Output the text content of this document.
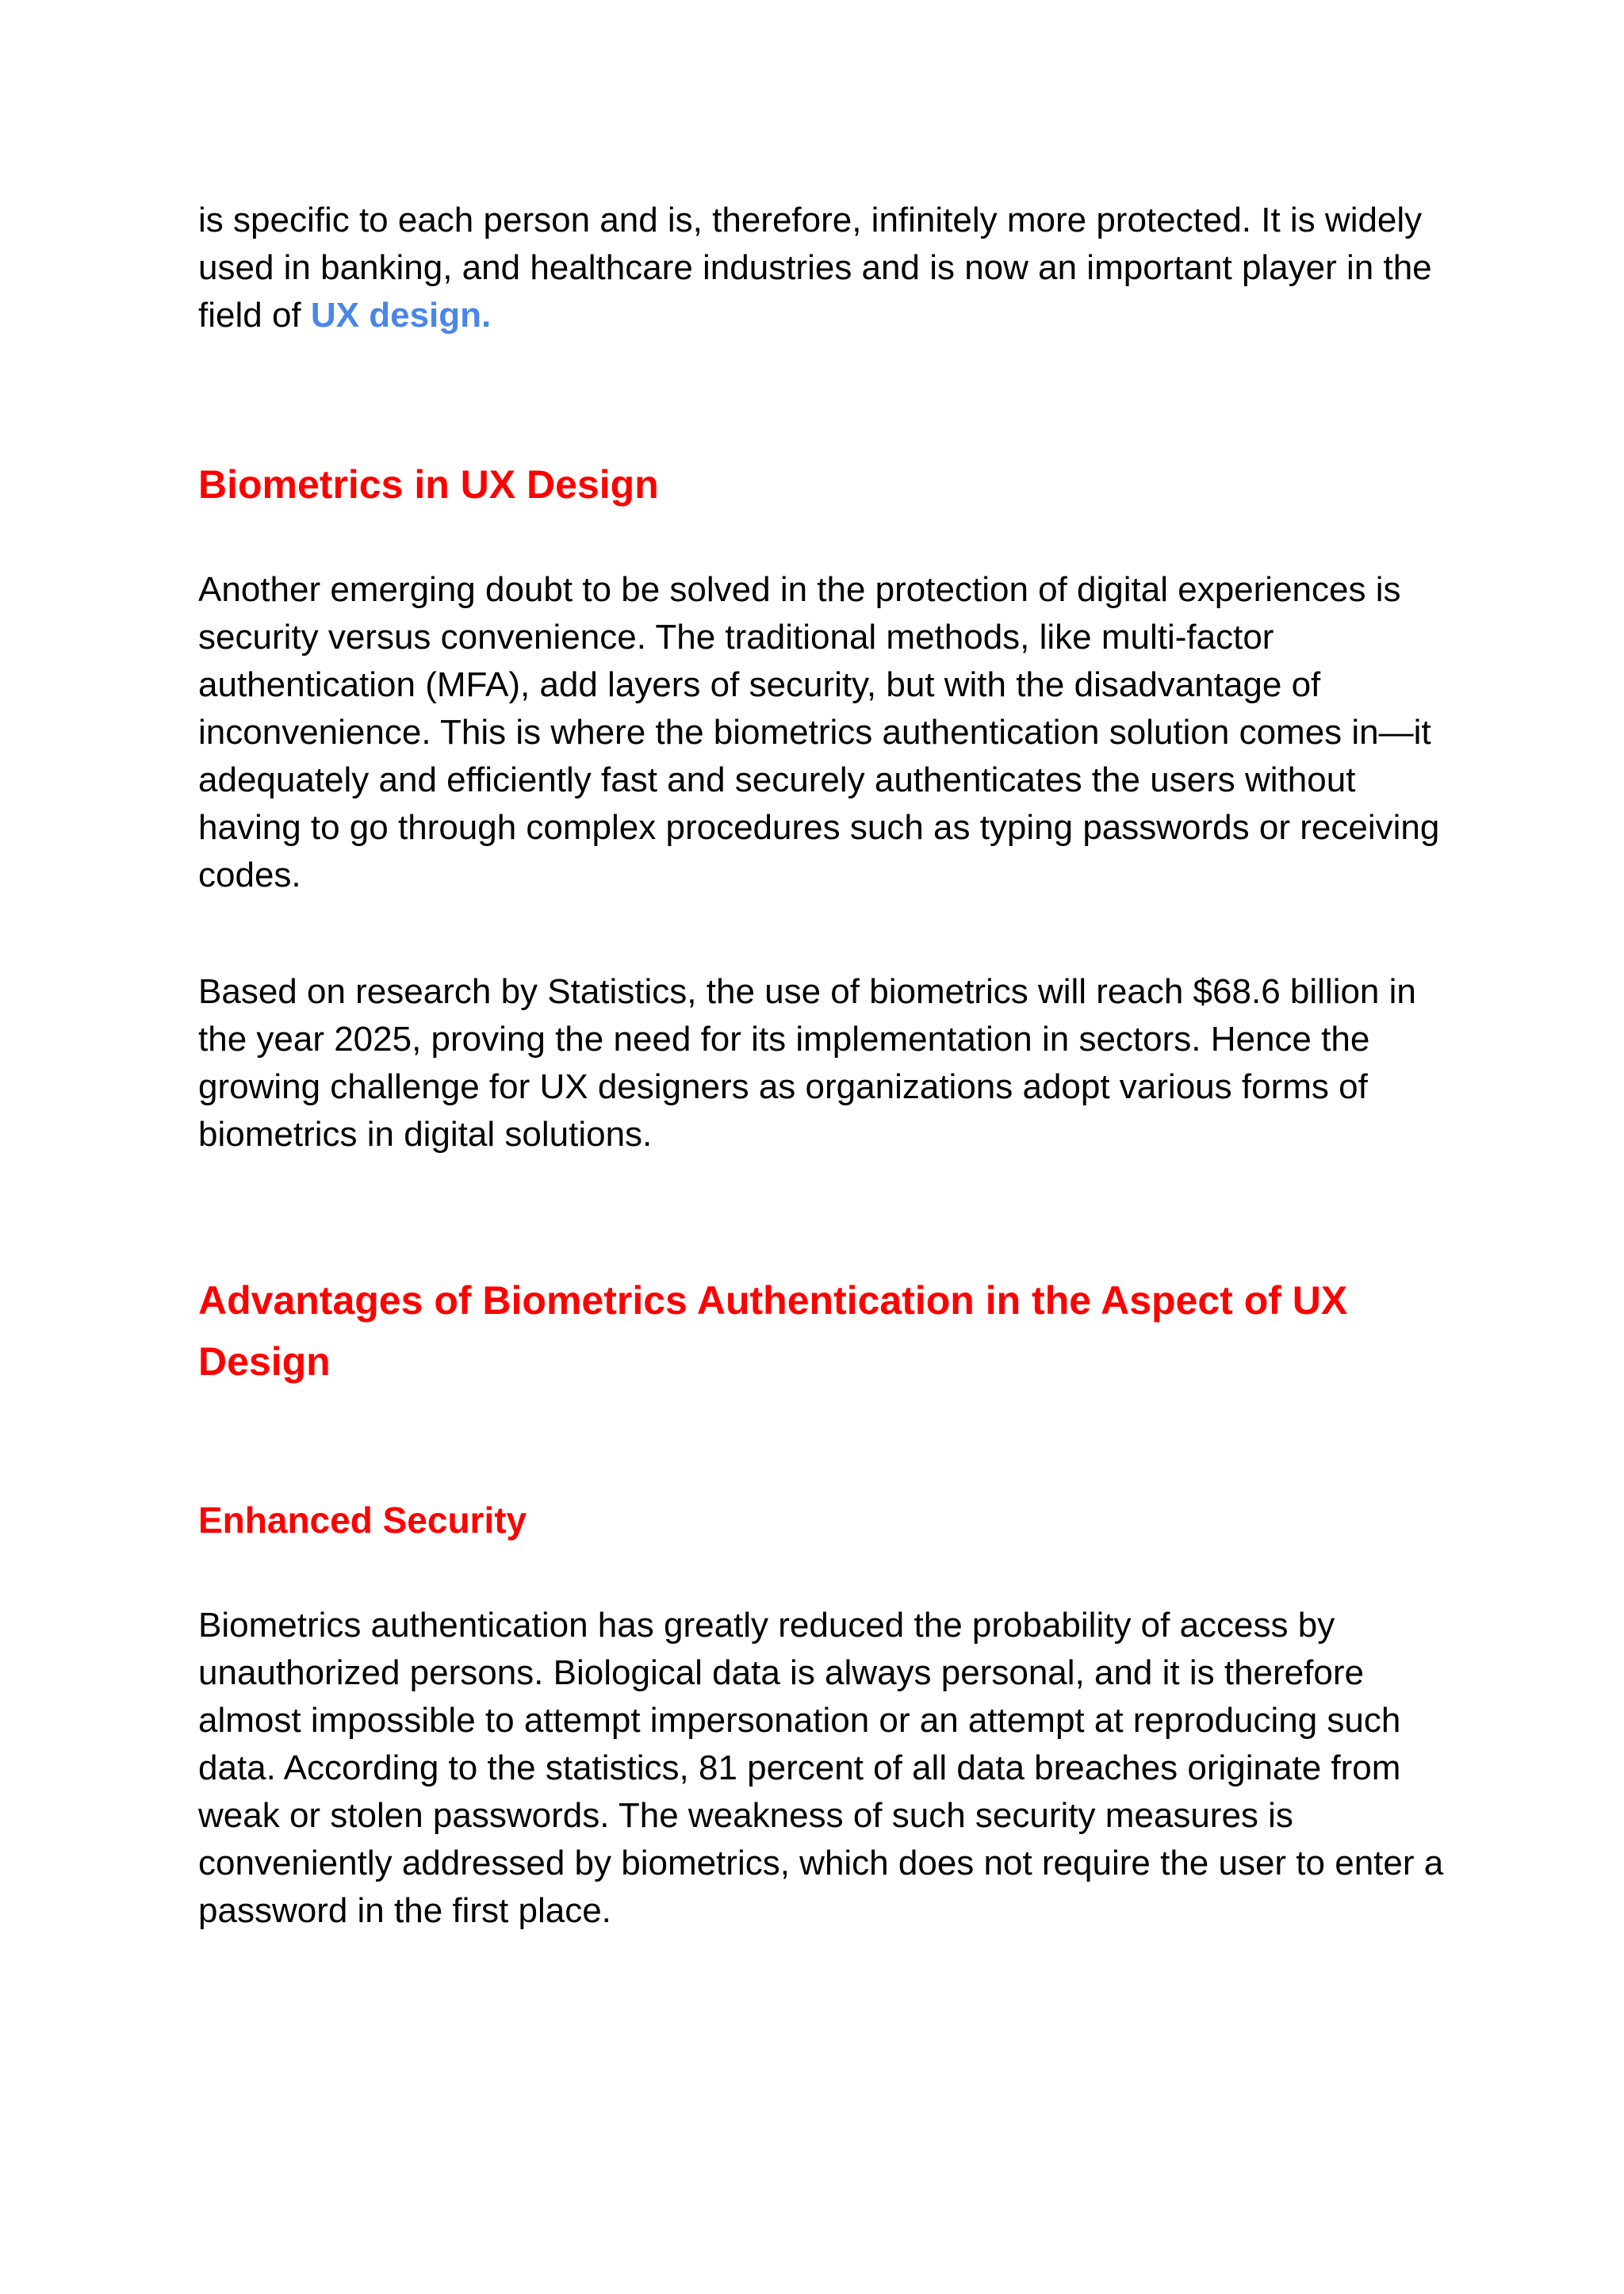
is specific to each person and is, therefore, infinitely more protected. It is widely used in banking, and healthcare industries and is now an important player in the field of UX design.

Biometrics in UX Design

Another emerging doubt to be solved in the protection of digital experiences is security versus convenience. The traditional methods, like multi-factor authentication (MFA), add layers of security, but with the disadvantage of inconvenience. This is where the biometrics authentication solution comes in—it adequately and efficiently fast and securely authenticates the users without having to go through complex procedures such as typing passwords or receiving codes.

Based on research by Statistics, the use of biometrics will reach $68.6 billion in the year 2025, proving the need for its implementation in sectors. Hence the growing challenge for UX designers as organizations adopt various forms of biometrics in digital solutions.

Advantages of Biometrics Authentication in the Aspect of UX Design
Enhanced Security

Biometrics authentication has greatly reduced the probability of access by unauthorized persons. Biological data is always personal, and it is therefore almost impossible to attempt impersonation or an attempt at reproducing such data. According to the statistics, 81 percent of all data breaches originate from weak or stolen passwords. The weakness of such security measures is conveniently addressed by biometrics, which does not require the user to enter a password in the first place.
